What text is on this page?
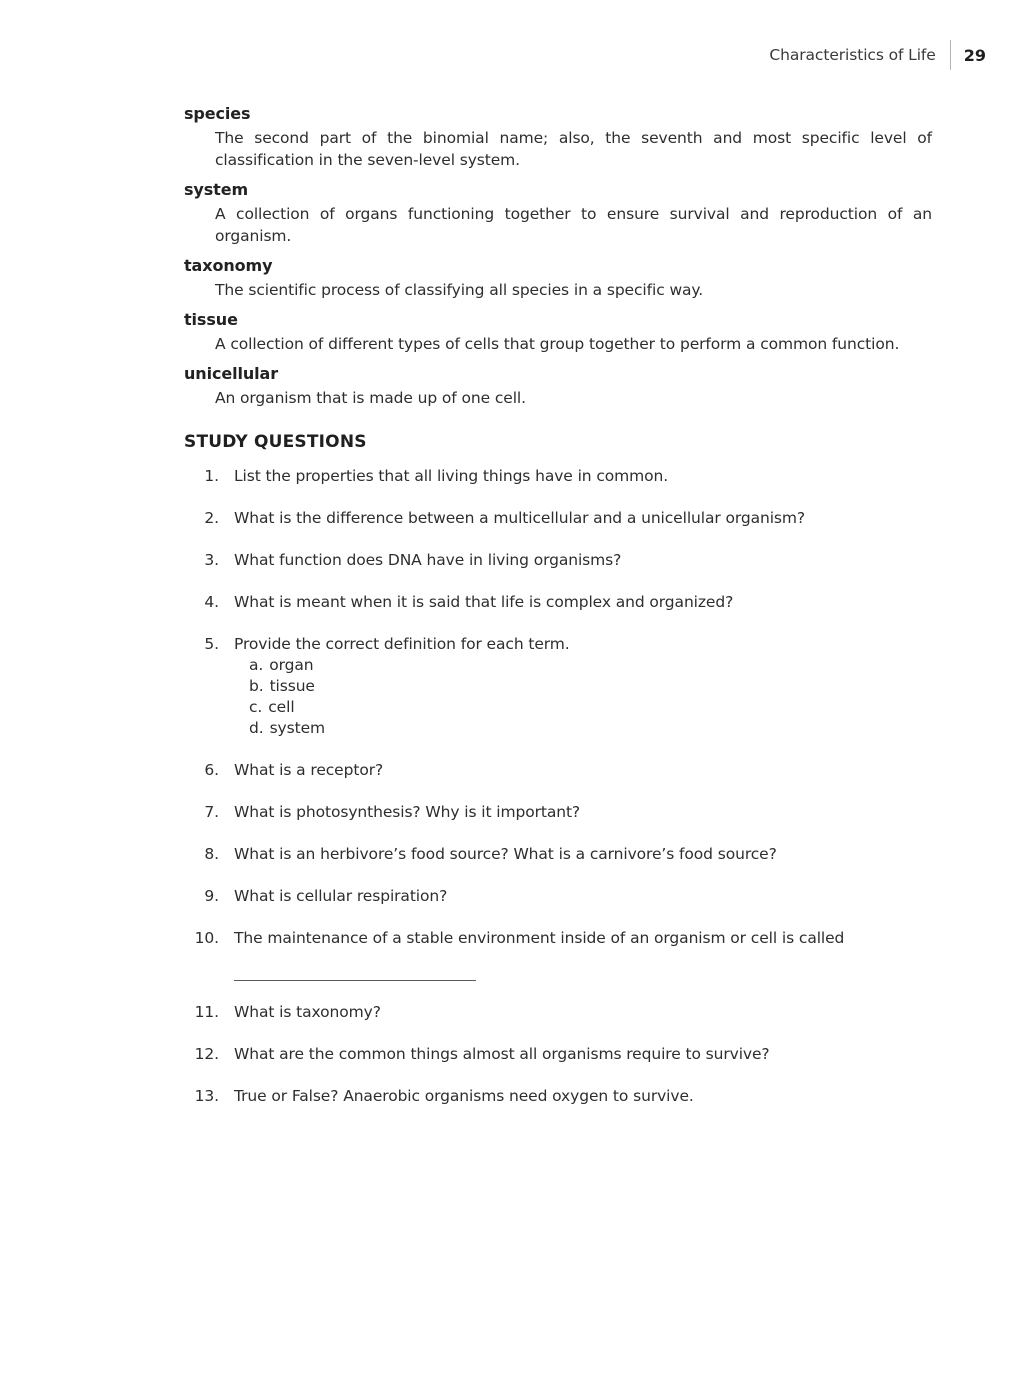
Characteristics of Life 29
species
The second part of the binomial name; also, the seventh and most specific level of classification in the seven-level system.
system
A collection of organs functioning together to ensure survival and reproduction of an organism.
taxonomy
The scientific process of classifying all species in a specific way.
tissue
A collection of different types of cells that group together to perform a common function.
unicellular
An organism that is made up of one cell.
STUDY QUESTIONS
1. List the properties that all living things have in common.
2. What is the difference between a multicellular and a unicellular organism?
3. What function does DNA have in living organisms?
4. What is meant when it is said that life is complex and organized?
5. Provide the correct definition for each term.
a. organ
b. tissue
c. cell
d. system
6. What is a receptor?
7. What is photosynthesis? Why is it important?
8. What is an herbivore’s food source? What is a carnivore’s food source?
9. What is cellular respiration?
10. The maintenance of a stable environment inside of an organism or cell is called
11. What is taxonomy?
12. What are the common things almost all organisms require to survive?
13. True or False? Anaerobic organisms need oxygen to survive.
